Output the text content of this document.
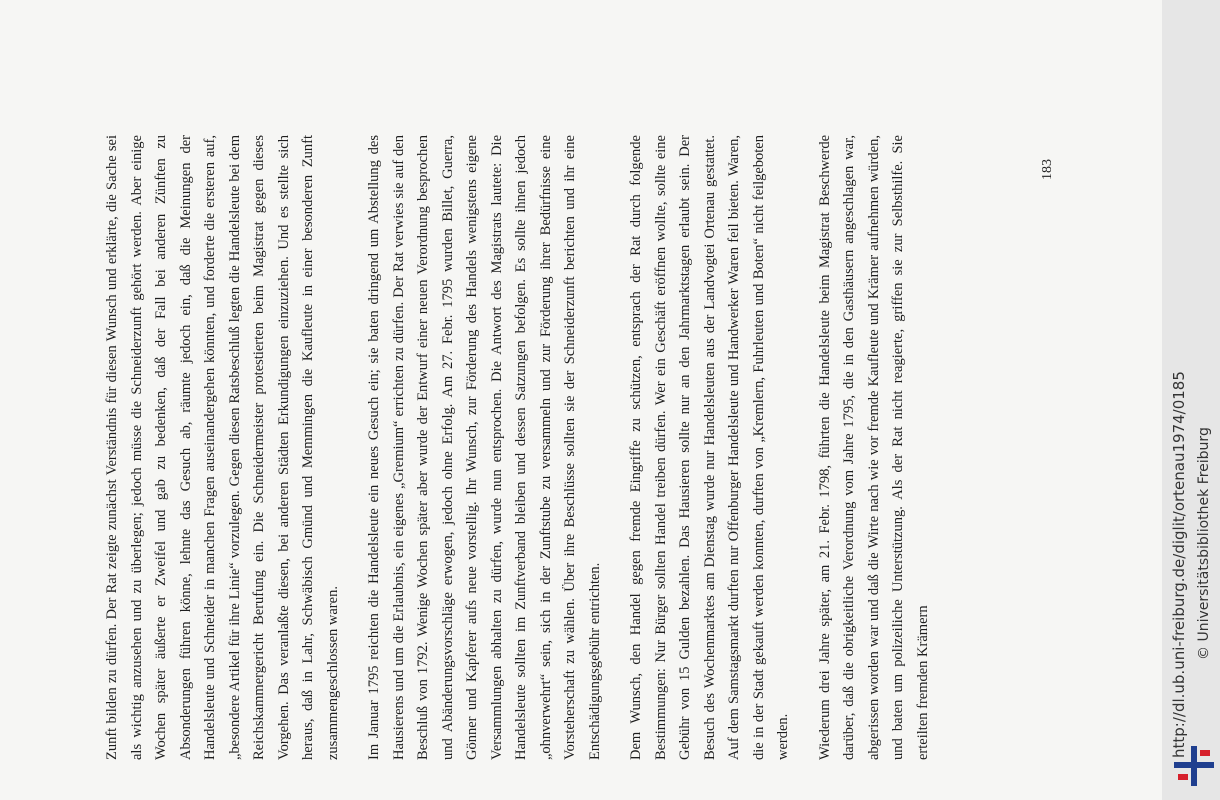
Zunft bilden zu dürfen. Der Rat zeigte zunächst Verständnis für diesen Wunsch und erklärte, die Sache sei als wichtig anzusehen und zu überlegen; jedoch müsse die Schneiderzunft gehört werden. Aber einige Wochen später äußerte er Zweifel und gab zu bedenken, daß der Fall bei anderen Zünften zu Absonderungen führen könne, lehnte das Gesuch ab, räumte jedoch ein, daß die Meinungen der Handelsleute und Schneider in manchen Fragen auseinandergehen könnten, und forderte die ersteren auf, „besondere Artikel für ihre Linie“ vorzulegen. Gegen diesen Ratsbeschluß legten die Handelsleute bei dem Reichskammergericht Berufung ein. Die Schneidermeister protestierten beim Magistrat gegen dieses Vorgehen. Das veranlaßte diesen, bei anderen Städten Erkundigungen einzuziehen. Und es stellte sich heraus, daß in Lahr, Schwäbisch Gmünd und Memmingen die Kaufleute in einer besonderen Zunft zusammengeschlossen waren.	Im Januar 1795 reichten die Handelsleute ein neues Gesuch ein; sie baten dringend um Abstellung des Hausierens und um die Erlaubnis, ein eigenes „Gremium“ errichten zu dürfen. Der Rat verwies sie auf den Beschluß von 1792. Wenige Wochen später aber wurde der Entwurf einer neuen Verordnung besprochen und Abänderungsvorschläge erwogen, jedoch ohne Erfolg. Am 27. Febr. 1795 wurden Billet, Guerra, Gönner und Kapferer aufs neue vorstellig. Ihr Wunsch, zur Förderung des Handels wenigstens eigene Versammlungen abhalten zu dürfen, wurde nun entsprochen. Die Antwort des Magistrats lautete: Die Handelsleute sollten im Zunftverband bleiben und dessen Satzungen befolgen. Es sollte ihnen jedoch „ohnverwehrt“ sein, sich in der Zunftstube zu versammeln und zur Förderung ihrer Bedürfnisse eine Vorsteherschaft zu wählen. Über ihre Beschlüsse sollten sie der Schneiderzunft berichten und ihr eine Entschädigungsgebühr entrichten.	Dem Wunsch, den Handel gegen fremde Eingriffe zu schützen, entsprach der Rat durch folgende Bestimmungen: Nur Bürger sollten Handel treiben dürfen. Wer ein Geschäft eröffnen wollte, sollte eine Gebühr von 15 Gulden bezahlen. Das Hausieren sollte nur an den Jahrmarktstagen erlaubt sein. Der Besuch des Wochenmarktes am Dienstag wurde nur Handelsleuten aus der Landvogtei Ortenau gestattet. Auf dem Samstagsmarkt durften nur Offenburger Handelsleute und Handwerker Waren feil bieten. Waren, die in der Stadt gekauft werden konnten, durften von „Kremlern, Fuhrleuten und Boten“ nicht feilgeboten werden.	Wiederum drei Jahre später, am 21. Febr. 1798, führten die Handelsleute beim Magistrat Beschwerde darüber, daß die obrigkeitliche Verordnung vom Jahre 1795, die in den Gasthäusern angeschlagen war, abgerissen worden war und daß die Wirte nach wie vor fremde Kaufleute und Krämer aufnehmen würden, und baten um polizeiliche Unterstützung. Als der Rat nicht reagierte, griffen sie zur Selbsthilfe. Sie erteilten fremden Krämern

183
http://dl.ub.uni-freiburg.de/diglit/ortenau1974/0185 © Universitätsbibliothek Freiburg
